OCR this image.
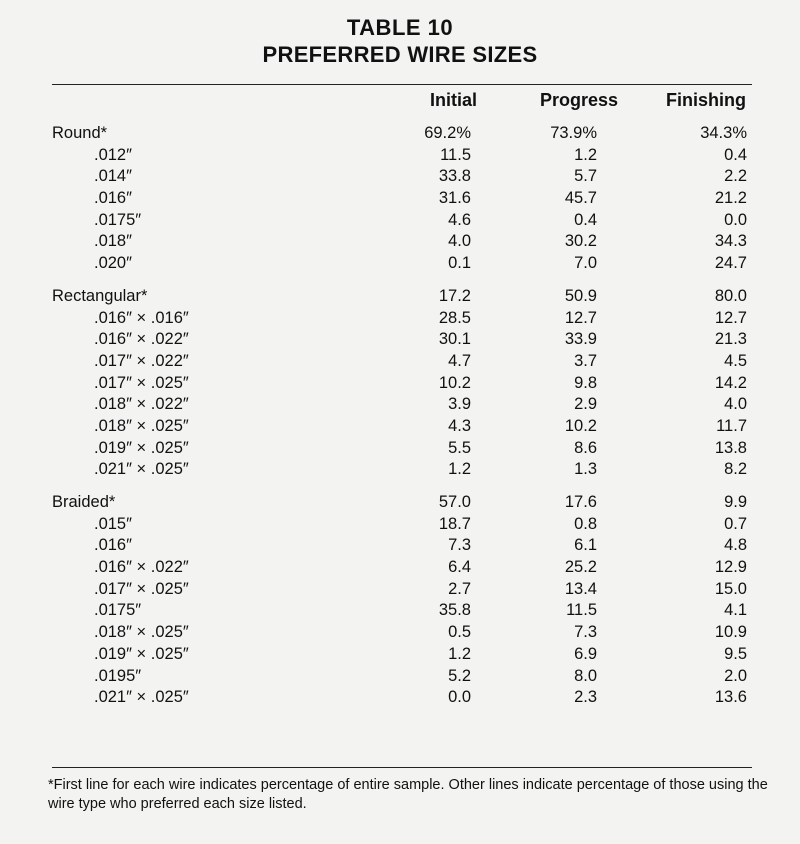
TABLE 10
PREFERRED WIRE SIZES
Initial	Progress	Finishing
Round*	69.2%	73.9%	34.3%
.012″	11.5	1.2	0.4
.014″	33.8	5.7	2.2
.016″	31.6	45.7	21.2
.0175″	4.6	0.4	0.0
.018″	4.0	30.2	34.3
.020″	0.1	7.0	24.7
Rectangular*	17.2	50.9	80.0
.016″ × .016″	28.5	12.7	12.7
.016″ × .022″	30.1	33.9	21.3
.017″ × .022″	4.7	3.7	4.5
.017″ × .025″	10.2	9.8	14.2
.018″ × .022″	3.9	2.9	4.0
.018″ × .025″	4.3	10.2	11.7
.019″ × .025″	5.5	8.6	13.8
.021″ × .025″	1.2	1.3	8.2
Braided*	57.0	17.6	9.9
.015″	18.7	0.8	0.7
.016″	7.3	6.1	4.8
.016″ × .022″	6.4	25.2	12.9
.017″ × .025″	2.7	13.4	15.0
.0175″	35.8	11.5	4.1
.018″ × .025″	0.5	7.3	10.9
.019″ × .025″	1.2	6.9	9.5
.0195″	5.2	8.0	2.0
.021″ × .025″	0.0	2.3	13.6
*First line for each wire indicates percentage of entire sample. Other lines indicate percentage of those using the wire type who preferred each size listed.
